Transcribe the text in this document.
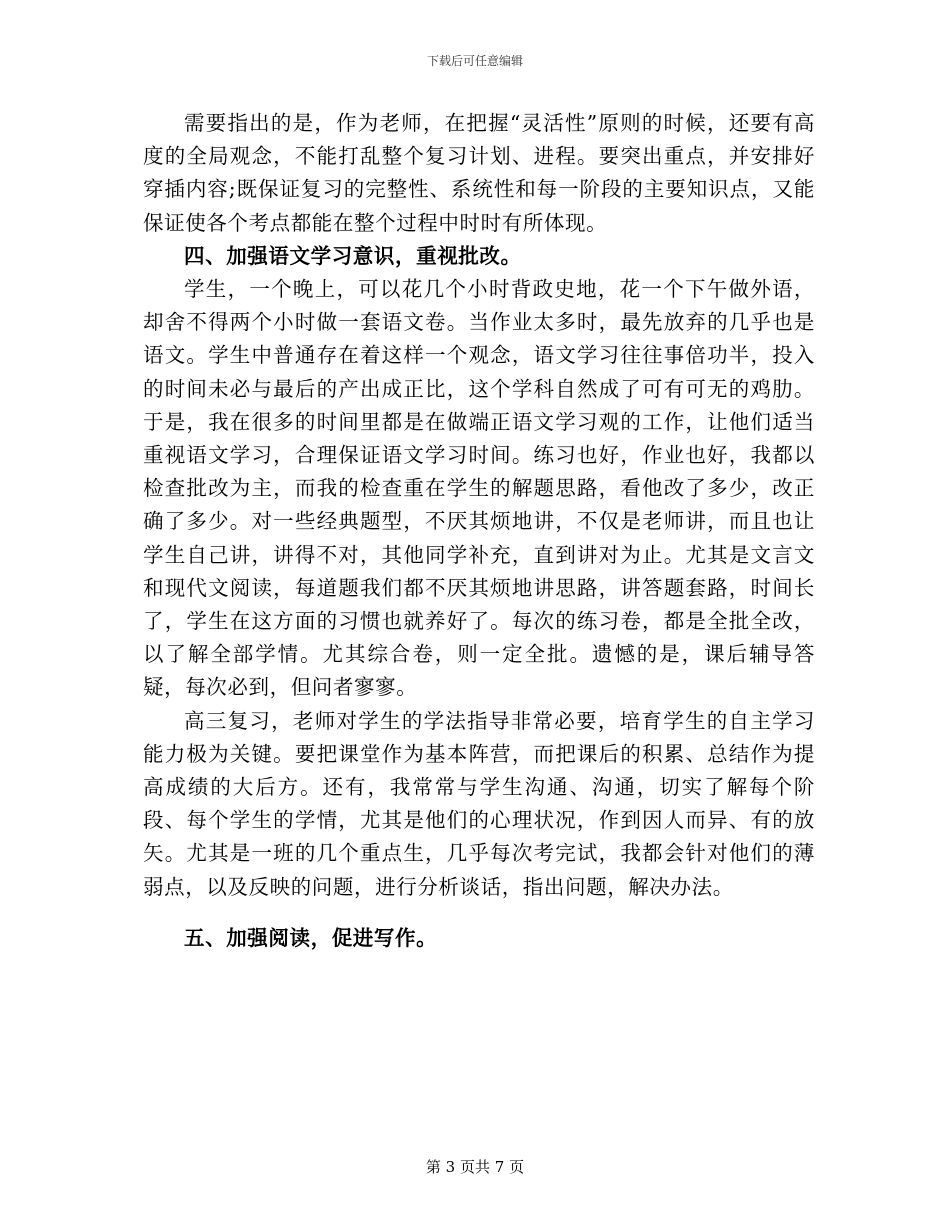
下载后可任意编辑

需要指出的是，作为老师，在把握“灵活性”原则的时候，还要有高度的全局观念，不能打乱整个复习计划、进程。要突出重点，并安排好穿插内容;既保证复习的完整性、系统性和每一阶段的主要知识点，又能保证使各个考点都能在整个过程中时时有所体现。

四、加强语文学习意识，重视批改。

学生，一个晚上，可以花几个小时背政史地，花一个下午做外语，却舍不得两个小时做一套语文卷。当作业太多时，最先放弃的几乎也是语文。学生中普通存在着这样一个观念，语文学习往往事倍功半，投入的时间未必与最后的产出成正比，这个学科自然成了可有可无的鸡肋。于是，我在很多的时间里都是在做端正语文学习观的工作，让他们适当重视语文学习，合理保证语文学习时间。练习也好，作业也好，我都以检查批改为主，而我的检查重在学生的解题思路，看他改了多少，改正确了多少。对一些经典题型，不厌其烦地讲，不仅是老师讲，而且也让学生自己讲，讲得不对，其他同学补充，直到讲对为止。尤其是文言文和现代文阅读，每道题我们都不厌其烦地讲思路，讲答题套路，时间长了，学生在这方面的习惯也就养好了。每次的练习卷，都是全批全改，以了解全部学情。尤其综合卷，则一定全批。遗憾的是，课后辅导答疑，每次必到，但问者寥寥。

高三复习，老师对学生的学法指导非常必要，培育学生的自主学习能力极为关键。要把课堂作为基本阵营，而把课后的积累、总结作为提高成绩的大后方。还有，我常常与学生沟通、沟通，切实了解每个阶段、每个学生的学情，尤其是他们的心理状况，作到因人而异、有的放矢。尤其是一班的几个重点生，几乎每次考完试，我都会针对他们的薄弱点，以及反映的问题，进行分析谈话，指出问题，解决办法。

五、加强阅读，促进写作。

第 3 页共 7 页
